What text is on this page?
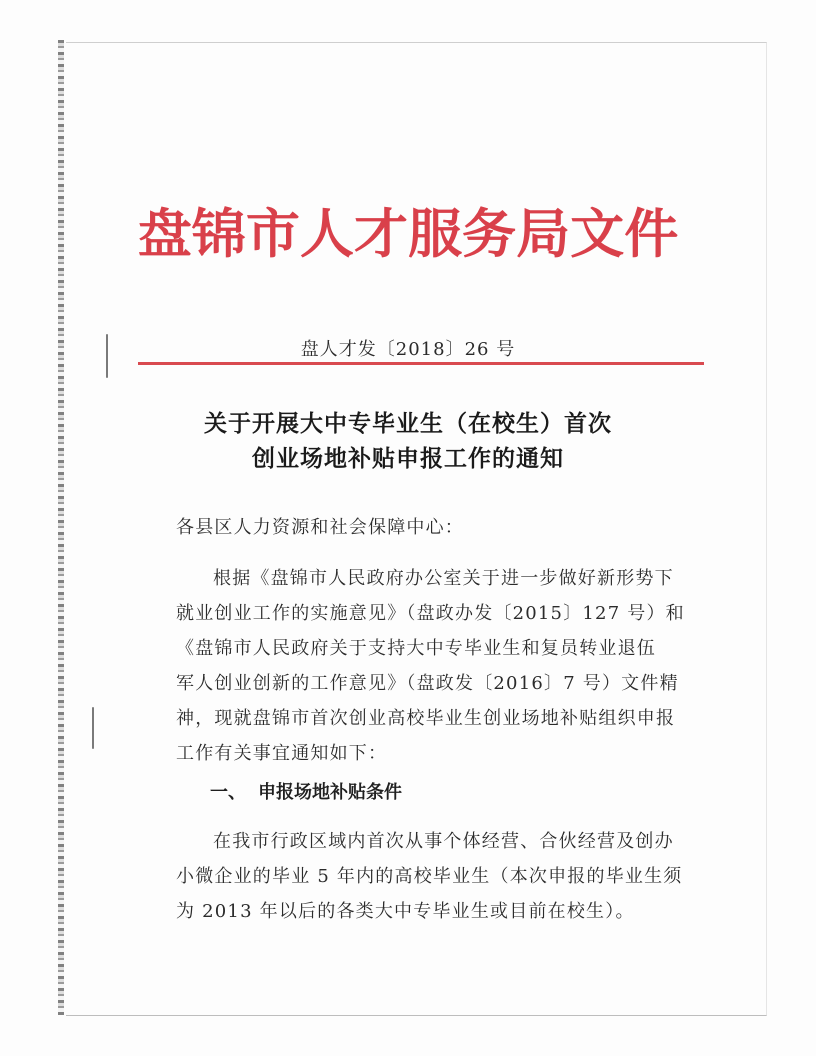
盘锦市人才服务局文件
盘人才发〔2018〕26 号
关于开展大中专毕业生（在校生）首次
创业场地补贴申报工作的通知
各县区人力资源和社会保障中心：
根据《盘锦市人民政府办公室关于进一步做好新形势下
就业创业工作的实施意见》（盘政办发〔2015〕127 号）和
《盘锦市人民政府关于支持大中专毕业生和复员转业退伍
军人创业创新的工作意见》（盘政发〔2016〕7 号）文件精
神，现就盘锦市首次创业高校毕业生创业场地补贴组织申报
工作有关事宜通知如下：
一、 申报场地补贴条件
在我市行政区域内首次从事个体经营、合伙经营及创办
小微企业的毕业 5 年内的高校毕业生（本次申报的毕业生须
为 2013 年以后的各类大中专毕业生或目前在校生）。
